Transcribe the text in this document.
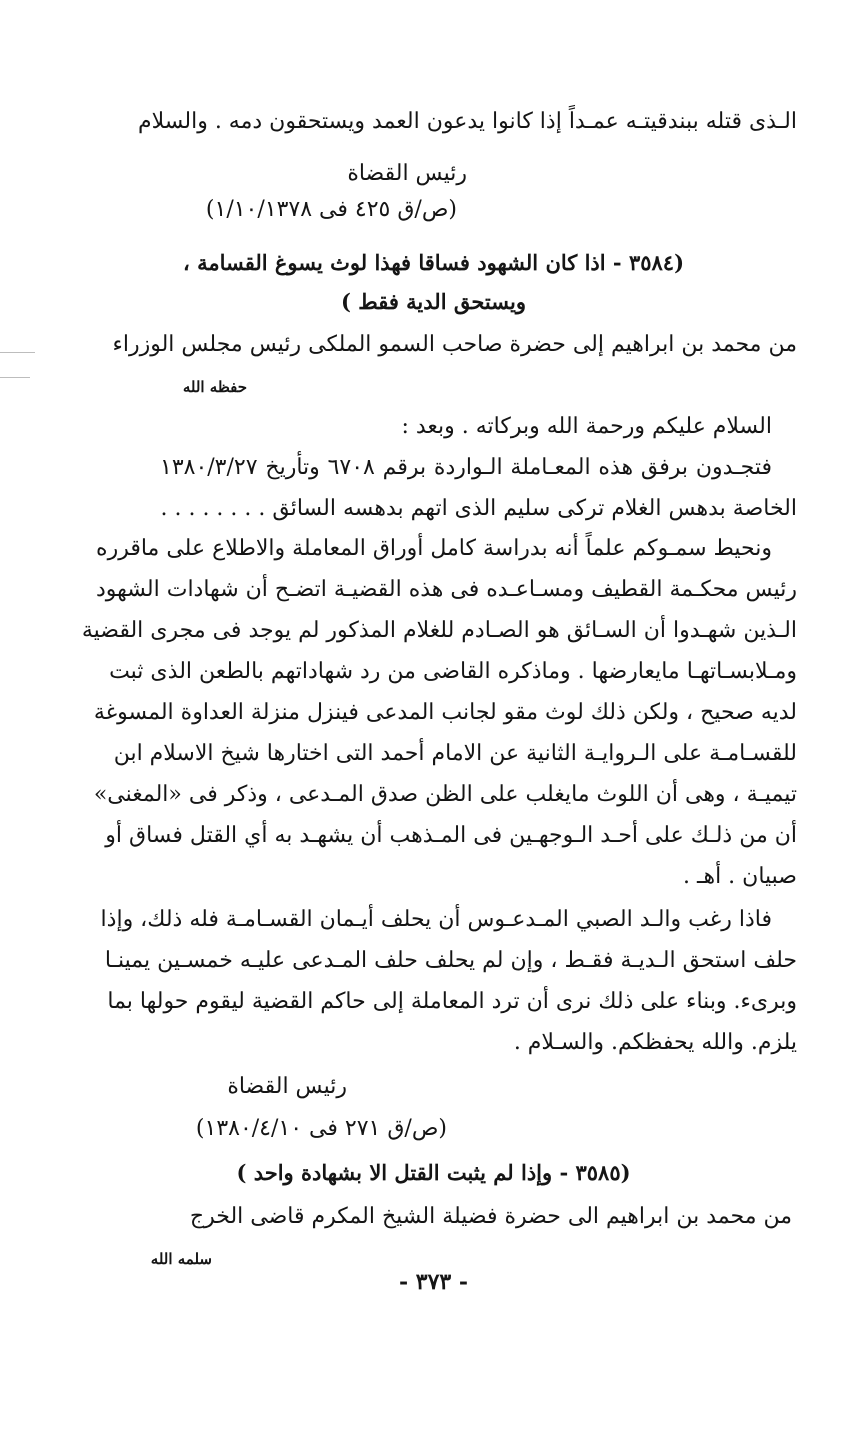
الـذى قتله ببندقيتـه عمـداً إذا كانوا يدعون العمد ويستحقون دمه . والسلام
رئيس القضاة
(ص/ق ٤٢٥ فى ١/١٠/١٣٧٨)
(٣٥٨٤ - اذا كان الشهود فساقا فهذا لوث يسوغ القسامة ،
ويستحق الدية فقط )
من محمد بن ابراهيم إلى حضرة صاحب السمو الملكى رئيس مجلس الوزراء
حفظه الله
السلام عليكم ورحمة الله وبركاته . وبعد :
فتجـدون برفق هذه المعـاملة الـواردة برقم ٦٧٠٨ وتأريخ ١٣٨٠/٣/٢٧
الخاصة بدهس الغلام تركى سليم الذى اتهم بدهسه السائق . . . . . . . .
ونحيط سمـوكم علماً أنه بدراسة كامل أوراق المعاملة والاطلاع على ماقرره
رئيس محكـمة القطيف ومسـاعـده فى هذه القضيـة اتضـح أن شهادات الشهود
الـذين شهـدوا أن السـائق هو الصـادم للغلام المذكور لم يوجد فى مجرى القضية
ومـلابسـاتهـا مايعارضها . وماذكره القاضى من رد شهاداتهم بالطعن الذى ثبت
لديه صحيح ، ولكن ذلك لوث مقو لجانب المدعى فينزل منزلة العداوة المسوغة
للقسـامـة على الـروايـة الثانية عن الامام أحمد التى اختارها شيخ الاسلام ابن
تيميـة ، وهى أن اللوث مايغلب على الظن صدق المـدعى ، وذكر فى «المغنى»
أن من ذلـك على أحـد الـوجهـين فى المـذهب أن يشهـد به أي القتل فساق أو
صبيان . أهـ .
فاذا رغب والـد الصبي المـدعـوس أن يحلف أيـمان القسـامـة فله ذلك، وإذا
حلف استحق الـديـة فقـط ، وإن لم يحلف حلف المـدعى عليـه خمسـين يمينـا
وبرىء. وبناء على ذلك نرى أن ترد المعاملة إلى حاكم القضية ليقوم حولها بما
يلزم. والله يحفظكم. والسـلام .
رئيس القضاة
(ص/ق ٢٧١ فى ١٣٨٠/٤/١٠)
(٣٥٨٥ - وإذا لم يثبت القتل الا بشهادة واحد )
من محمد بن ابراهيم الى حضرة فضيلة الشيخ المكرم قاضى الخرج
سلمه الله
- ٣٧٣ -
